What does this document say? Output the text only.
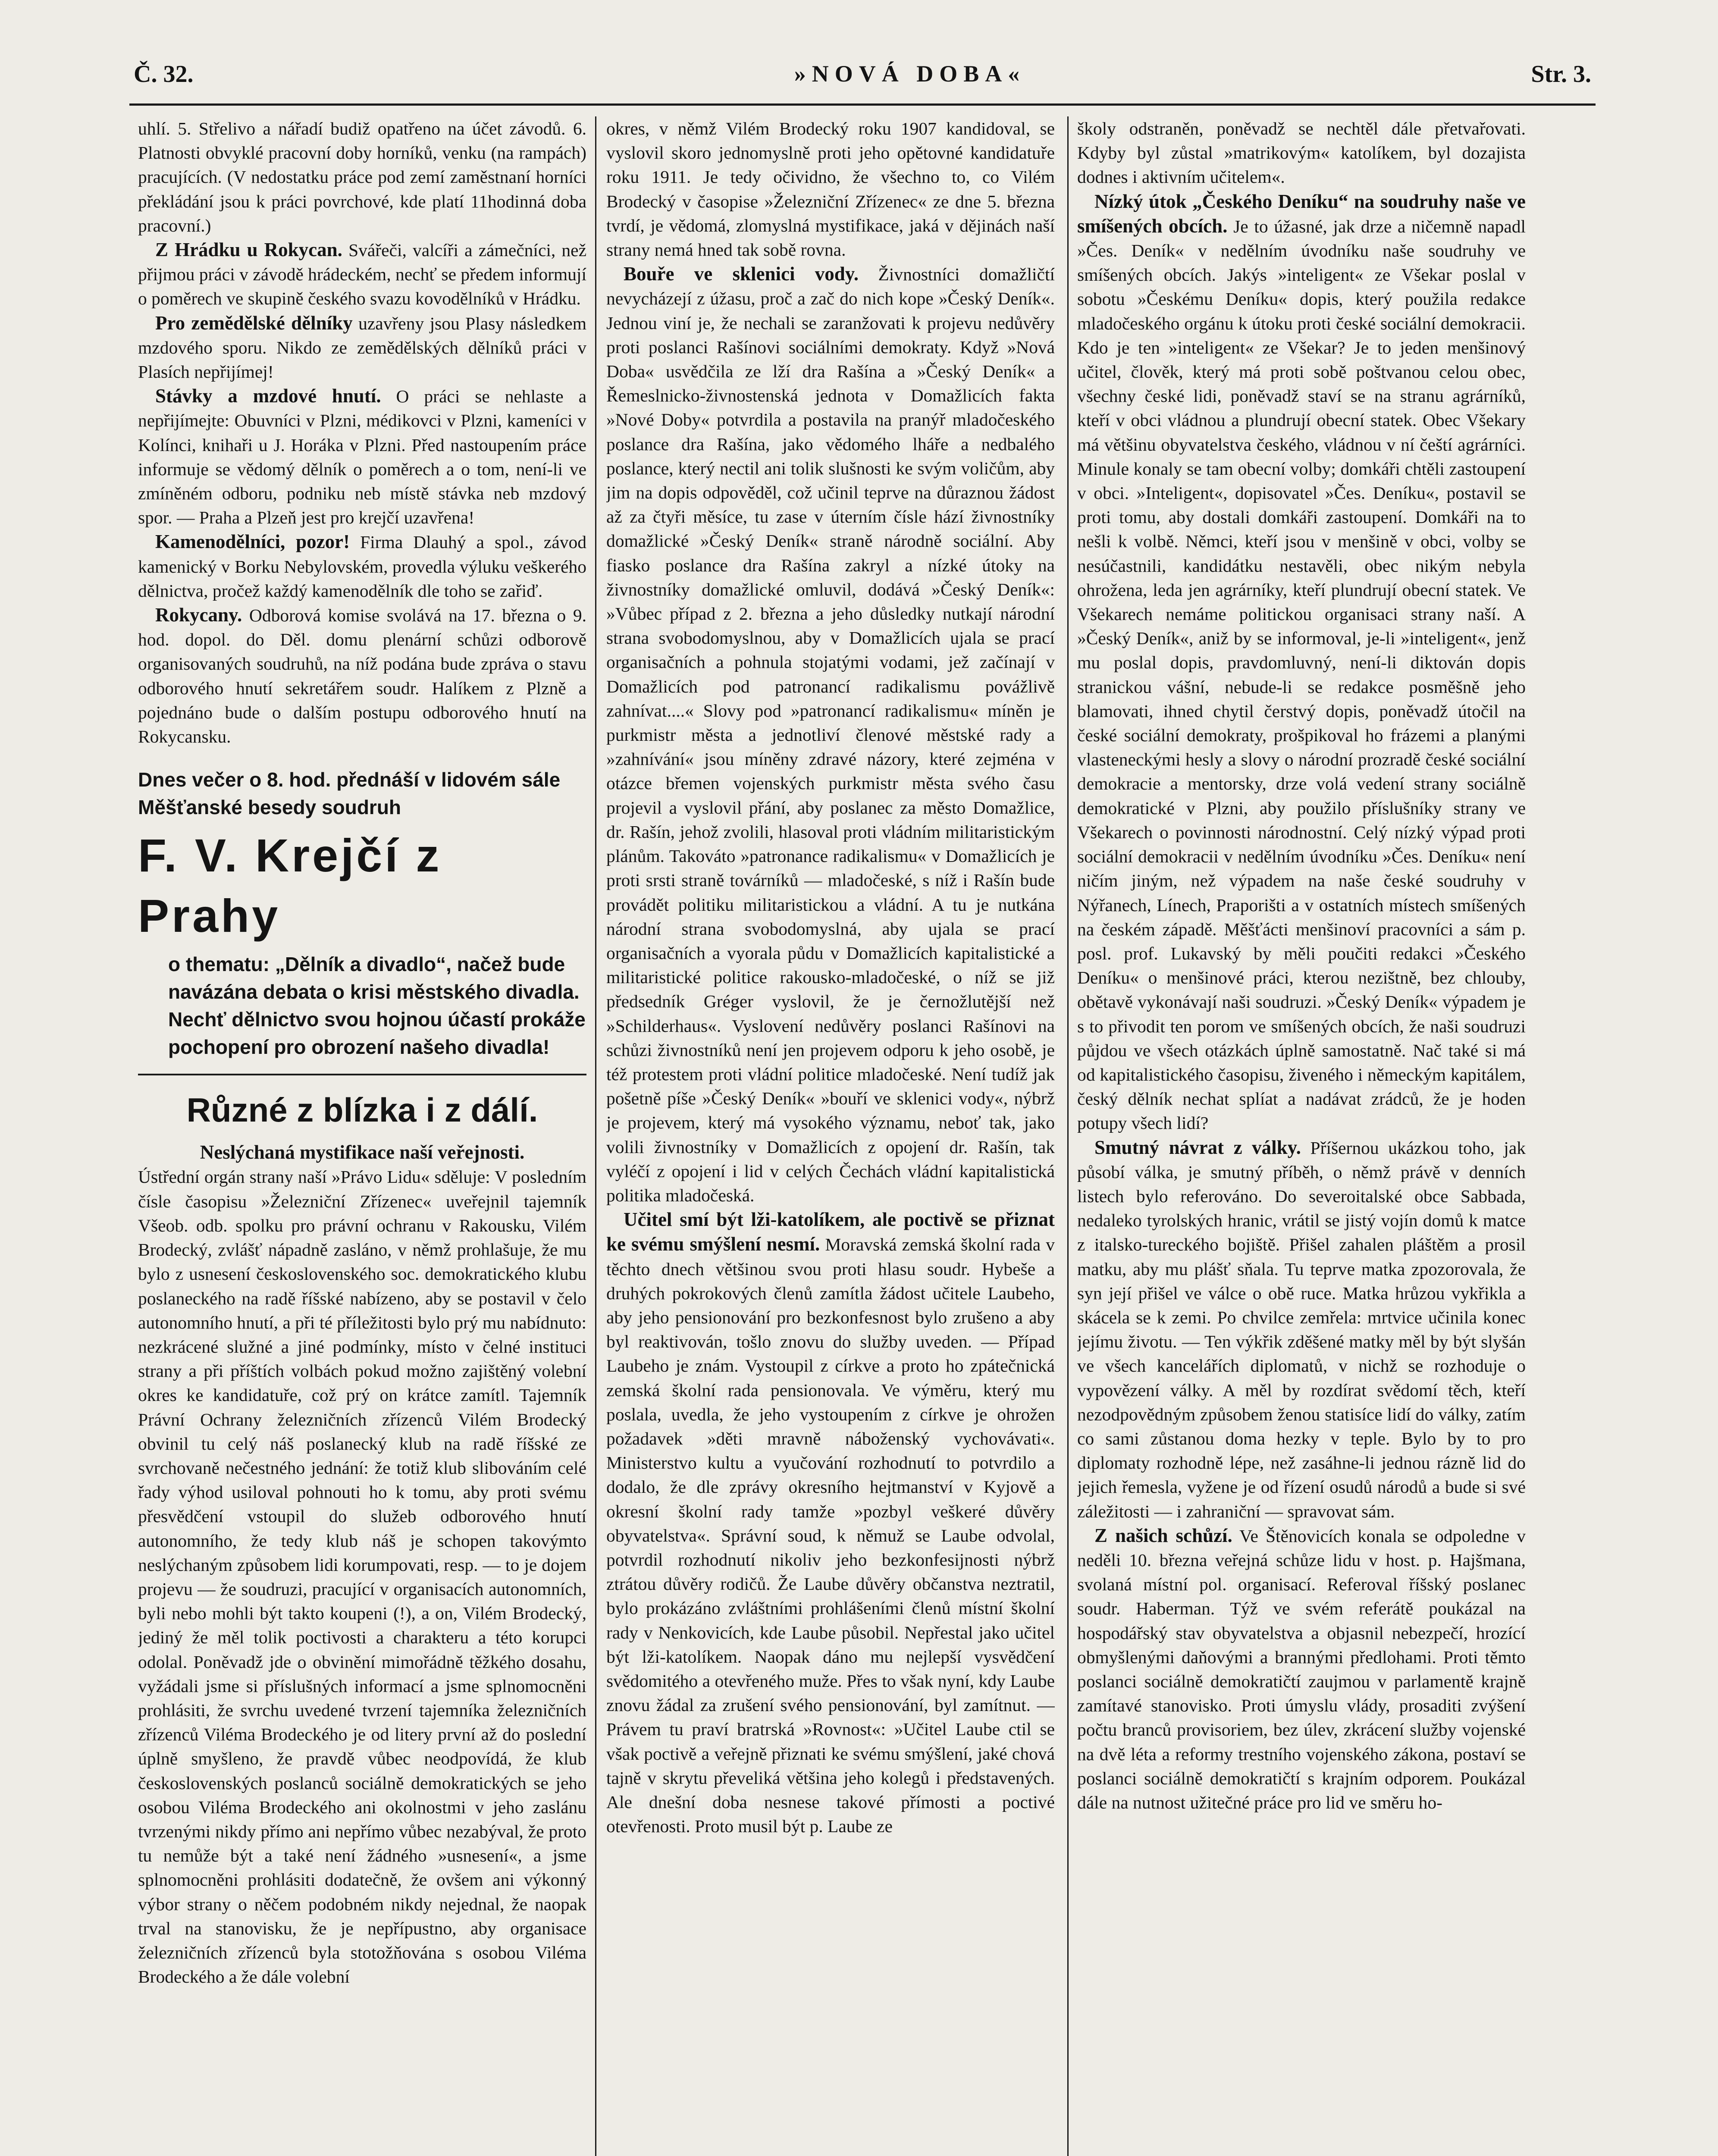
Č. 32.	»NOVÁ DOBA«	Str. 3.

uhlí. 5. Střelivo a nářadí budiž opatřeno na účet závodů. 6. Platnosti obvyklé pracovní doby horníků, venku (na rampách) pracujících. (V nedostatku práce pod zemí zaměstnaní horníci překládání jsou k práci povrchové, kde platí 11hodinná doba pracovní.)

Z Hrádku u Rokycan. Svářeči, valcíři a zámečníci, než přijmou práci v závodě hrádeckém, nechť se předem informují o poměrech ve skupině českého svazu kovodělníků v Hrádku.

Pro zemědělské dělníky uzavřeny jsou Plasy následkem mzdového sporu. Nikdo ze zemědělských dělníků práci v Plasích nepřijímej!

Stávky a mzdové hnutí. O práci se nehlaste a nepřijímejte: Obuvníci v Plzni, médikovci v Plzni, kameníci v Kolínci, knihaři u J. Horáka v Plzni. Před nastoupením práce informuje se vědomý dělník o poměrech a o tom, není-li ve zmíněném odboru, podniku neb místě stávka neb mzdový spor. — Praha a Plzeň jest pro krejčí uzavřena!

Kamenodělníci, pozor! Firma Dlauhý a spol., závod kamenický v Borku Nebylovském, provedla výluku veškerého dělnictva, pročež každý kamenodělník dle toho se zařiď.

Rokycany. Odborová komise svolává na 17. března o 9. hod. dopol. do Děl. domu plenární schůzi odborově organisovaných soudruhů, na níž podána bude zpráva o stavu odborového hnutí sekretářem soudr. Halíkem z Plzně a pojednáno bude o dalším postupu odborového hnutí na Rokycansku.

Dnes večer o 8. hod. přednáší v lidovém sále Měšťanské besedy soudruh
F. V. Krejčí z Prahy
o thematu: „Dělník a divadlo“, načež bude navázána debata o krisi městského divadla. Nechť dělnictvo svou hojnou účastí prokáže pochopení pro obrození našeho divadla!
Různé z blízka i z dálí.

Neslýchaná mystifikace naší veřejnosti.

Ústřední orgán strany naší »Právo Lidu« sděluje: V posledním čísle časopisu »Železniční Zřízenec« uveřejnil tajemník Všeob. odb. spolku pro právní ochranu v Rakousku, Vilém Brodecký, zvlášť nápadně zasláno, v němž prohlašuje, že mu bylo z usnesení československého soc. demokratického klubu poslaneckého na radě říšské nabízeno, aby se postavil v čelo autonomního hnutí, a při té příležitosti bylo prý mu nabídnuto: nezkrácené služné a jiné podmínky, místo v čelné instituci strany a při příštích volbách pokud možno zajištěný volební okres ke kandidatuře, což prý on krátce zamítl. Tajemník Právní Ochrany železničních zřízenců Vilém Brodecký obvinil tu celý náš poslanecký klub na radě říšské ze svrchovaně nečestného jednání: že totiž klub slibováním celé řady výhod usiloval pohnouti ho k tomu, aby proti svému přesvědčení vstoupil do služeb odborového hnutí autonomního, že tedy klub náš je schopen takovýmto neslýchaným způsobem lidi korumpovati, resp. — to je dojem projevu — že soudruzi, pracující v organisacích autonomních, byli nebo mohli být takto koupeni (!), a on, Vilém Brodecký, jediný že měl tolik poctivosti a charakteru a této korupci odolal. Poněvadž jde o obvinění mimořádně těžkého dosahu, vyžádali jsme si příslušných informací a jsme splnomocněni prohlásiti, že svrchu uvedené tvrzení tajemníka železničních zřízenců Viléma Brodeckého je od litery první až do poslední úplně smyšleno, že pravdě vůbec neodpovídá, že klub československých poslanců sociálně demokratických se jeho osobou Viléma Brodeckého ani okolnostmi v jeho zaslánu tvrzenými nikdy přímo ani nepřímo vůbec nezabýval, že proto tu nemůže být a také není žádného »usnesení«, a jsme splnomocněni prohlásiti dodatečně, že ovšem ani výkonný výbor strany o něčem podobném nikdy nejednal, že naopak trval na stanovisku, že je nepřípustno, aby organisace železničních zřízenců byla stotožňována s osobou Viléma Brodeckého a že dále volební

okres, v němž Vilém Brodecký roku 1907 kandidoval, se vyslovil skoro jednomyslně proti jeho opětovné kandidatuře roku 1911. Je tedy očividno, že všechno to, co Vilém Brodecký v časopise »Železniční Zřízenec« ze dne 5. března tvrdí, je vědomá, zlomyslná mystifikace, jaká v dějinách naší strany nemá hned tak sobě rovna.

Bouře ve sklenici vody. Živnostníci domažličtí nevycházejí z úžasu, proč a zač do nich kope »Český Deník«. Jednou viní je, že nechali se zaranžovati k projevu nedůvěry proti poslanci Rašínovi sociálními demokraty. Když »Nová Doba« usvědčila ze lží dra Rašína a »Český Deník« a Řemeslnicko-živnostenská jednota v Domažlicích fakta »Nové Doby« potvrdila a postavila na pranýř mladočeského poslance dra Rašína, jako vědomého lháře a nedbalého poslance, který nectil ani tolik slušnosti ke svým voličům, aby jim na dopis odpověděl, což učinil teprve na důraznou žádost až za čtyři měsíce, tu zase v úterním čísle hází živnostníky domažlické »Český Deník« straně národně sociální. Aby fiasko poslance dra Rašína zakryl a nízké útoky na živnostníky domažlické omluvil, dodává »Český Deník«: »Vůbec případ z 2. března a jeho důsledky nutkají národní strana svobodomyslnou, aby v Domažlicích ujala se prací organisačních a pohnula stojatými vodami, jež začínají v Domažlicích pod patronancí radikalismu povážlivě zahnívat....« Slovy pod »patronancí radikalismu« míněn je purkmistr města a jednotliví členové městské rady a »zahnívání« jsou míněny zdravé názory, které zejména v otázce břemen vojenských purkmistr města svého času projevil a vyslovil přání, aby poslanec za město Domažlice, dr. Rašín, jehož zvolili, hlasoval proti vládním militaristickým plánům. Takováto »patronance radikalismu« v Domažlicích je proti srsti straně továrníků — mladočeské, s níž i Rašín bude provádět politiku militaristickou a vládní. A tu je nutkána národní strana svobodomyslná, aby ujala se prací organisačních a vyorala půdu v Domažlicích kapitalistické a militaristické politice rakousko-mladočeské, o níž se již předsedník Gréger vyslovil, že je černožlutější než »Schilderhaus«. Vyslovení nedůvěry poslanci Rašínovi na schůzi živnostníků není jen projevem odporu k jeho osobě, je též protestem proti vládní politice mladočeské. Není tudíž jak pošetně píše »Český Deník« »bouří ve sklenici vody«, nýbrž je projevem, který má vysokého významu, neboť tak, jako volili živnostníky v Domažlicích z opojení dr. Rašín, tak vyléčí z opojení i lid v celých Čechách vládní kapitalistická politika mladočeská.

Učitel smí být lži-katolíkem, ale poctivě se přiznat ke svému smýšlení nesmí. Moravská zemská školní rada v těchto dnech většinou svou proti hlasu soudr. Hybeše a druhých pokrokových členů zamítla žádost učitele Laubeho, aby jeho pensionování pro bezkonfesnost bylo zrušeno a aby byl reaktivován, tošlo znovu do služby uveden. — Případ Laubeho je znám. Vystoupil z církve a proto ho zpátečnická zemská školní rada pensionovala. Ve výměru, který mu poslala, uvedla, že jeho vystoupením z církve je ohrožen požadavek »děti mravně náboženský vychovávati«. Ministerstvo kultu a vyučování rozhodnutí to potvrdilo a dodalo, že dle zprávy okresního hejtmanství v Kyjově a okresní školní rady tamže »pozbyl veškeré důvěry obyvatelstva«. Správní soud, k němuž se Laube odvolal, potvrdil rozhodnutí nikoliv jeho bezkonfesijnosti nýbrž ztrátou důvěry rodičů. Že Laube důvěry občanstva neztratil, bylo prokázáno zvláštními prohlášeními členů místní školní rady v Nenkovicích, kde Laube působil. Nepřestal jako učitel být lži-katolíkem. Naopak dáno mu nejlepší vysvědčení svědomitého a otevřeného muže. Přes to však nyní, kdy Laube znovu žádal za zrušení svého pensionování, byl zamítnut. — Právem tu praví bratrská »Rovnost«: »Učitel Laube ctil se však poctivě a veřejně přiznati ke svému smýšlení, jaké chová tajně v skrytu převeliká většina jeho kolegů i představených. Ale dnešní doba nesnese takové přímosti a poctivé otevřenosti. Proto musil být p. Laube ze

školy odstraněn, poněvadž se nechtěl dále přetvařovati. Kdyby byl zůstal »matrikovým« katolíkem, byl dozajista dodnes i aktivním učitelem«.

Nízký útok „Českého Deníku“ na soudruhy naše ve smíšených obcích. Je to úžasné, jak drze a ničemně napadl »Čes. Deník« v nedělním úvodníku naše soudruhy ve smíšených obcích. Jakýs »inteligent« ze Všekar poslal v sobotu »Českému Deníku« dopis, který použila redakce mladočeského orgánu k útoku proti české sociální demokracii. Kdo je ten »inteligent« ze Všekar? Je to jeden menšinový učitel, člověk, který má proti sobě poštvanou celou obec, všechny české lidi, poněvadž staví se na stranu agrárníků, kteří v obci vládnou a plundrují obecní statek. Obec Všekary má většinu obyvatelstva českého, vládnou v ní čeští agrárníci. Minule konaly se tam obecní volby; domkáři chtěli zastoupení v obci. »Inteligent«, dopisovatel »Čes. Deníku«, postavil se proti tomu, aby dostali domkáři zastoupení. Domkáři na to nešli k volbě. Němci, kteří jsou v menšině v obci, volby se nesúčastnili, kandidátku nestavěli, obec nikým nebyla ohrožena, leda jen agrárníky, kteří plundrují obecní statek. Ve Všekarech nemáme politickou organisaci strany naší. A »Český Deník«, aniž by se informoval, je-li »inteligent«, jenž mu poslal dopis, pravdomluvný, není-li diktován dopis stranickou vášní, nebude-li se redakce posměšně jeho blamovati, ihned chytil čerstvý dopis, poněvadž útočil na české sociální demokraty, prošpikoval ho frázemi a planými vlasteneckými hesly a slovy o národní prozradě české sociální demokracie a mentorsky, drze volá vedení strany sociálně demokratické v Plzni, aby použilo příslušníky strany ve Všekarech o povinnosti národnostní. Celý nízký výpad proti sociální demokracii v nedělním úvodníku »Čes. Deníku« není ničím jiným, než výpadem na naše české soudruhy v Nýřanech, Línech, Praporišti a v ostatních místech smíšených na českém západě. Měšťácti menšinoví pracovníci a sám p. posl. prof. Lukavský by měli poučiti redakci »Českého Deníku« o menšinové práci, kterou nezištně, bez chlouby, obětavě vykonávají naši soudruzi. »Český Deník« výpadem je s to přivodit ten porom ve smíšených obcích, že naši soudruzi půjdou ve všech otázkách úplně samostatně. Nač také si má od kapitalistického časopisu, živeného i německým kapitálem, český dělník nechat splíat a nadávat zrádců, že je hoden potupy všech lidí?

Smutný návrat z války. Příšernou ukázkou toho, jak působí válka, je smutný příběh, o němž právě v denních listech bylo referováno. Do severoitalské obce Sabbada, nedaleko tyrolských hranic, vrátil se jistý vojín domů k matce z italsko-tureckého bojiště. Přišel zahalen pláštěm a prosil matku, aby mu plášť sňala. Tu teprve matka zpozorovala, že syn její přišel ve válce o obě ruce. Matka hrůzou vykřikla a skácela se k zemi. Po chvilce zemřela: mrtvice učinila konec jejímu životu. — Ten výkřik zděšené matky měl by být slyšán ve všech kancelářích diplomatů, v nichž se rozhoduje o vypovězení války. A měl by rozdírat svědomí těch, kteří nezodpovědným způsobem ženou statisíce lidí do války, zatím co sami zůstanou doma hezky v teple. Bylo by to pro diplomaty rozhodně lépe, než zasáhne-li jednou rázně lid do jejich řemesla, vyžene je od řízení osudů národů a bude si své záležitosti — i zahraniční — spravovat sám.

Z našich schůzí. Ve Štěnovicích konala se odpoledne v neděli 10. března veřejná schůze lidu v host. p. Hajšmana, svolaná místní pol. organisací. Referoval říšský poslanec soudr. Haberman. Týž ve svém referátě poukázal na hospodářský stav obyvatelstva a objasnil nebezpečí, hrozící obmyšlenými daňovými a brannými předlohami. Proti těmto poslanci sociálně demokratičtí zaujmou v parlamentě krajně zamítavé stanovisko. Proti úmyslu vlády, prosaditi zvýšení počtu branců provisoriem, bez úlev, zkrácení služby vojenské na dvě léta a reformy trestního vojenského zákona, postaví se poslanci sociálně demokratičtí s krajním odporem. Poukázal dále na nutnost užitečné práce pro lid ve směru ho-
